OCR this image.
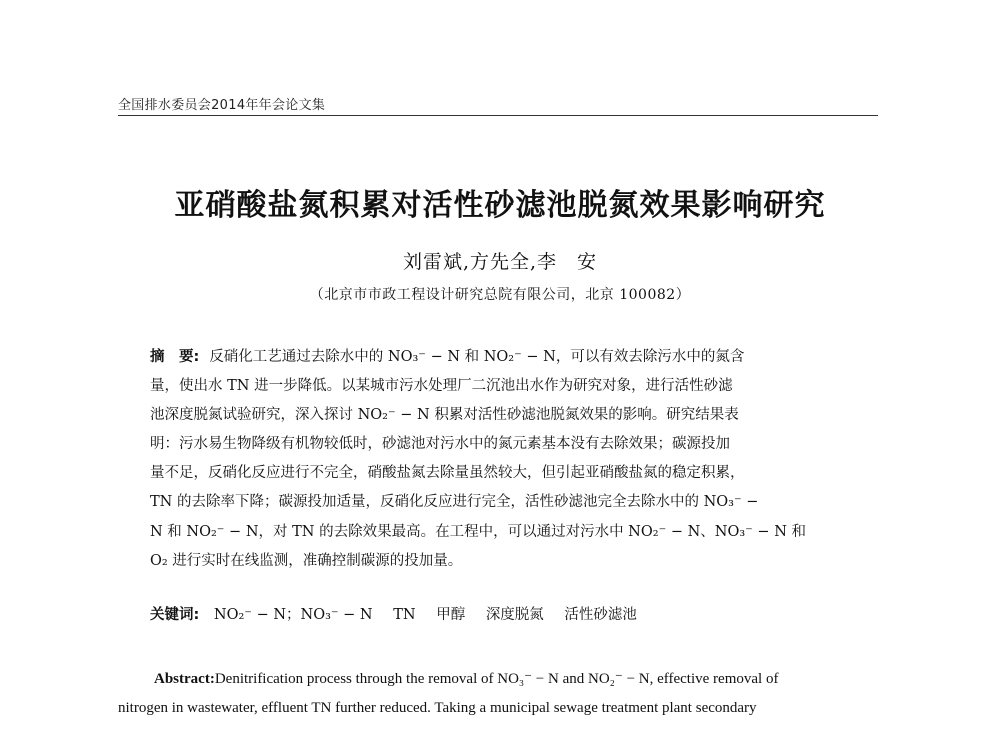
全国排水委员会2014年年会论文集
亚硝酸盐氮积累对活性砂滤池脱氮效果影响研究
刘雷斌,方先全,李　安
（北京市市政工程设计研究总院有限公司，北京 100082）
摘　要: 反硝化工艺通过去除水中的 NO₃⁻ − N 和 NO₂⁻ − N，可以有效去除污水中的氮含
量，使出水 TN 进一步降低。以某城市污水处理厂二沉池出水作为研究对象，进行活性砂滤
池深度脱氮试验研究，深入探讨 NO₂⁻ − N 积累对活性砂滤池脱氮效果的影响。研究结果表
明：污水易生物降级有机物较低时，砂滤池对污水中的氮元素基本没有去除效果；碳源投加
量不足，反硝化反应进行不完全，硝酸盐氮去除量虽然较大，但引起亚硝酸盐氮的稳定积累，
TN 的去除率下降；碳源投加适量，反硝化反应进行完全，活性砂滤池完全去除水中的 NO₃⁻ −
N 和 NO₂⁻ − N，对 TN 的去除效果最高。在工程中，可以通过对污水中 NO₂⁻ − N、NO₃⁻ − N 和
O₂ 进行实时在线监测，准确控制碳源的投加量。
关键词: NO₂⁻ − N；NO₃⁻ − N TN 甲醇 深度脱氮 活性砂滤池
Abstract:Denitrification process through the removal of NO₃⁻ − N and NO₂⁻ − N, effective removal of
nitrogen in wastewater, effluent TN further reduced. Taking a municipal sewage treatment plant secondary
